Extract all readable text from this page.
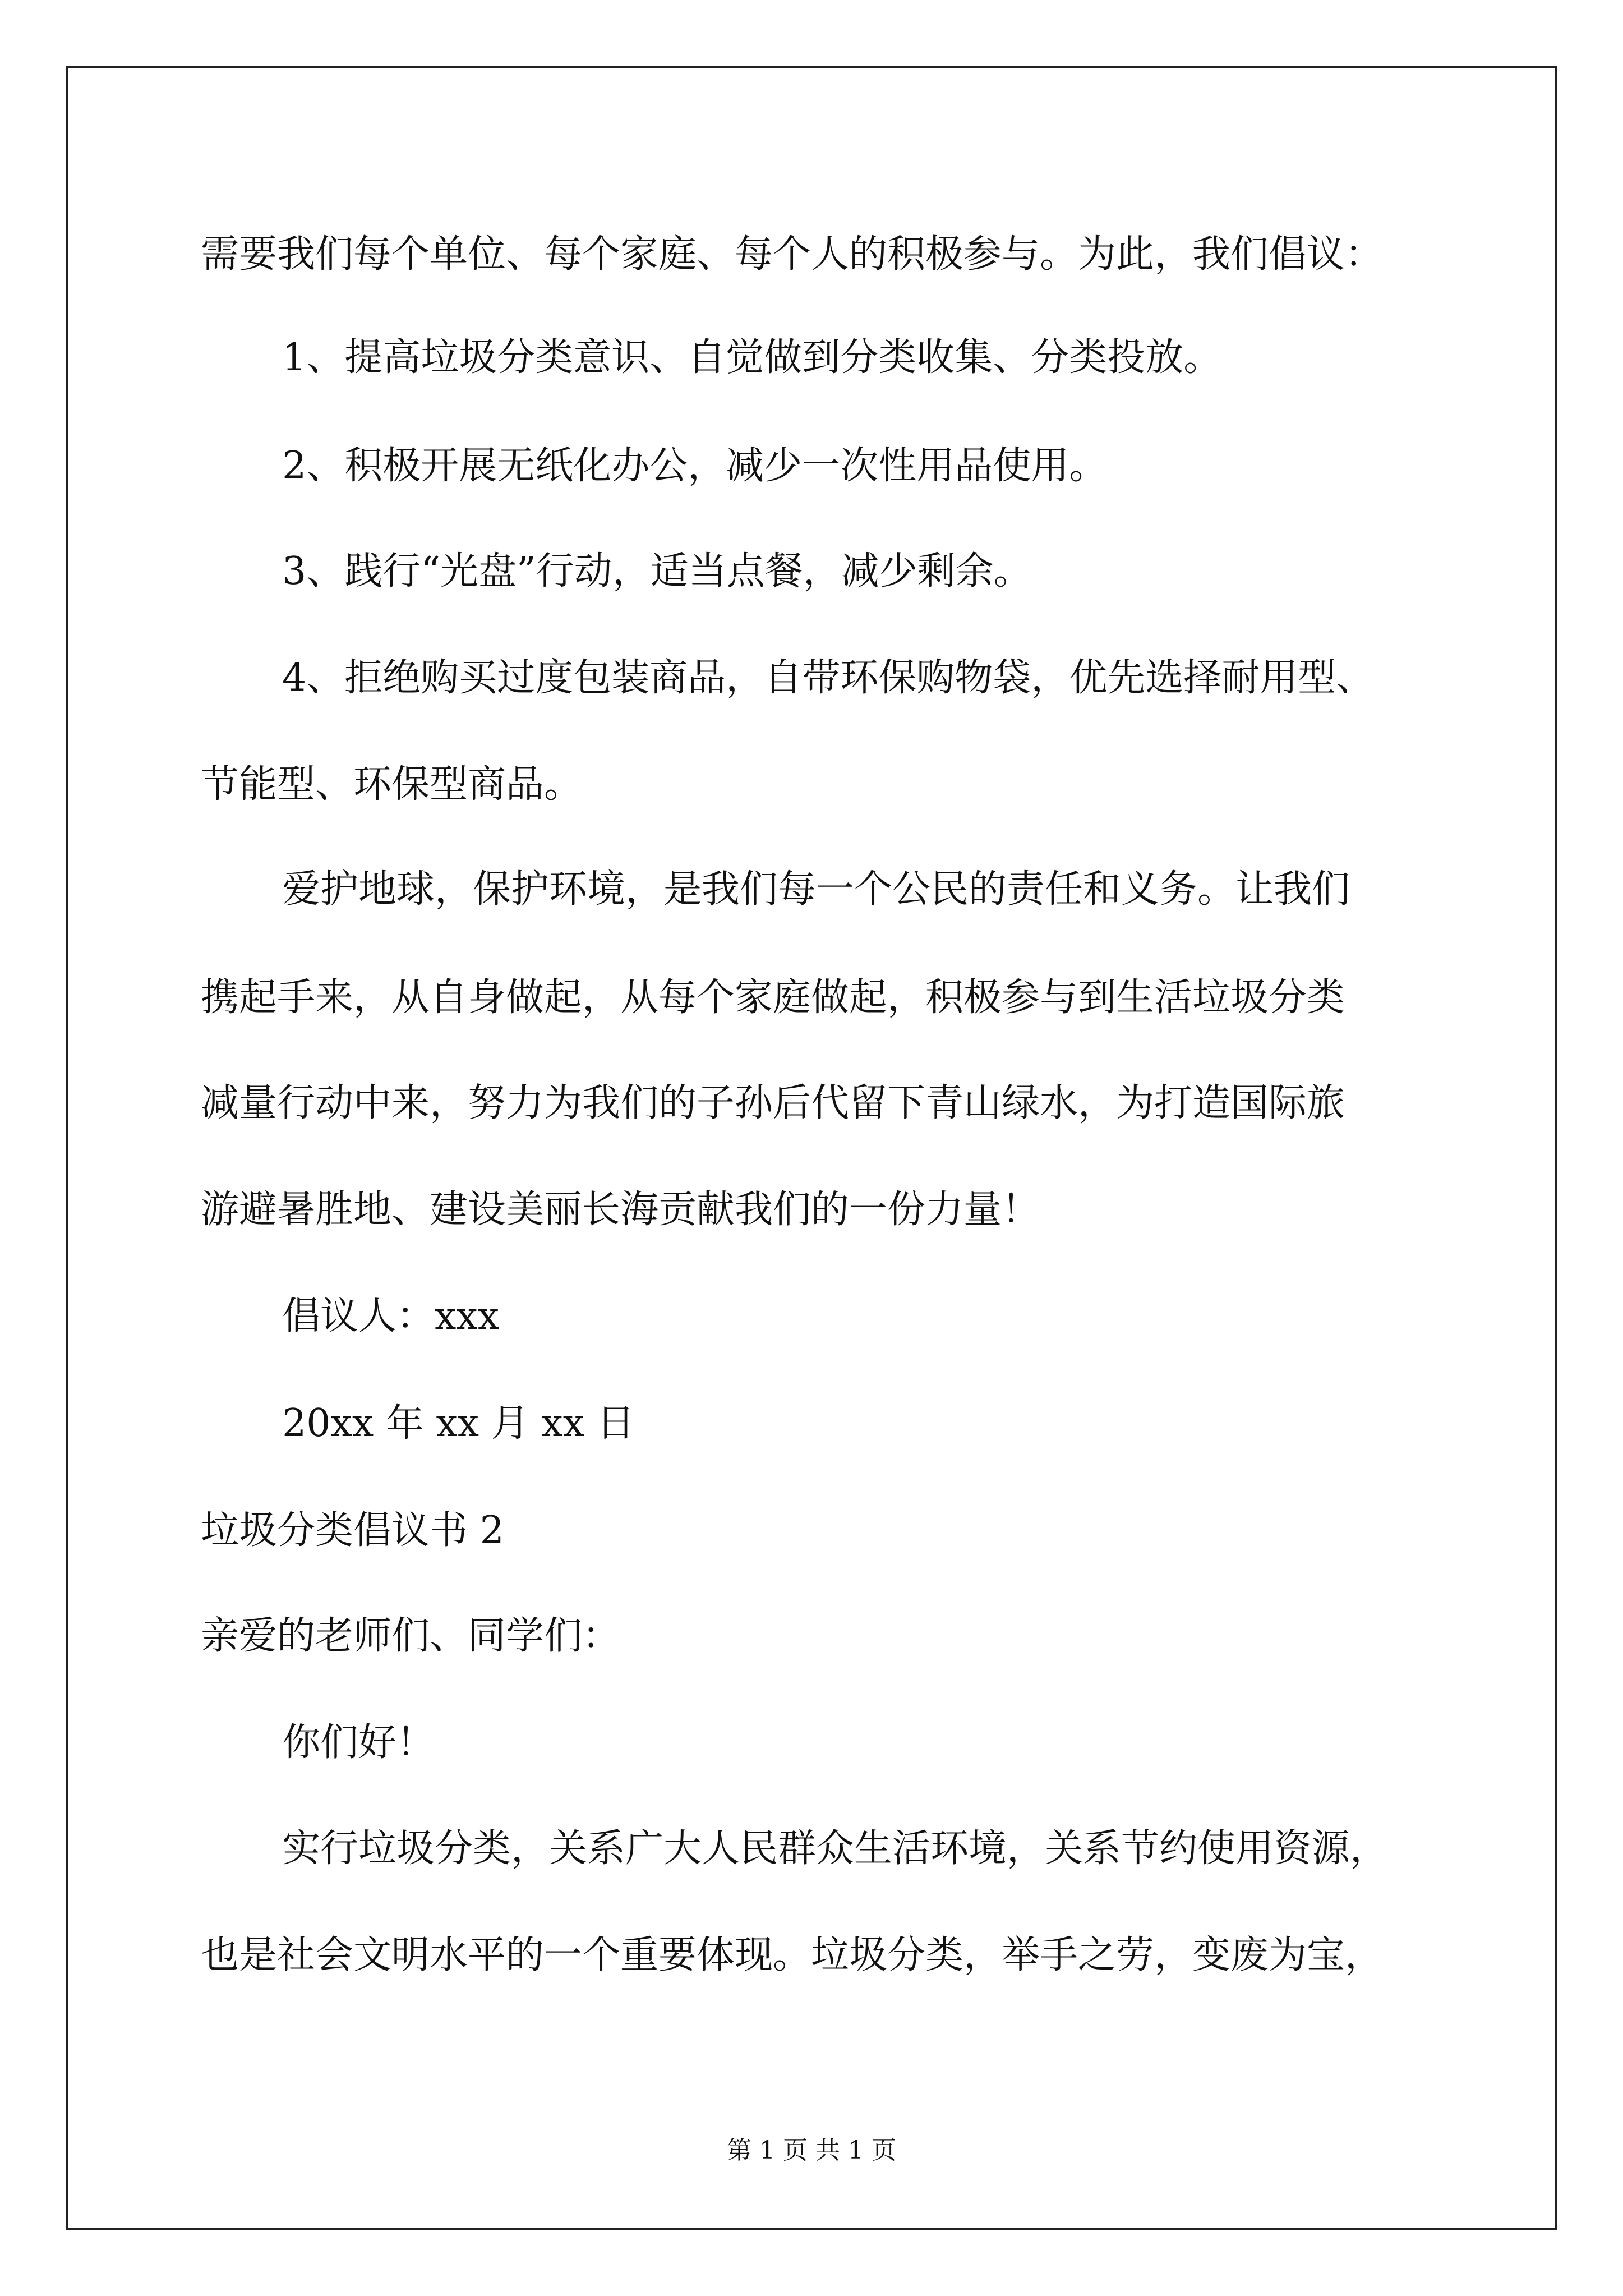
需要我们每个单位、每个家庭、每个人的积极参与。为此，我们倡议：
1、提高垃圾分类意识、自觉做到分类收集、分类投放。
2、积极开展无纸化办公，减少一次性用品使用。
3、践行“光盘”行动，适当点餐，减少剩余。
4、拒绝购买过度包装商品，自带环保购物袋，优先选择耐用型、
节能型、环保型商品。
爱护地球，保护环境，是我们每一个公民的责任和义务。让我们
携起手来，从自身做起，从每个家庭做起，积极参与到生活垃圾分类
减量行动中来，努力为我们的子孙后代留下青山绿水，为打造国际旅
游避暑胜地、建设美丽长海贡献我们的一份力量！
倡议人：xxx
20xx 年 xx 月 xx 日
垃圾分类倡议书 2
亲爱的老师们、同学们：
你们好！
实行垃圾分类，关系广大人民群众生活环境，关系节约使用资源，
也是社会文明水平的一个重要体现。垃圾分类，举手之劳，变废为宝，
第 1 页 共 1 页
